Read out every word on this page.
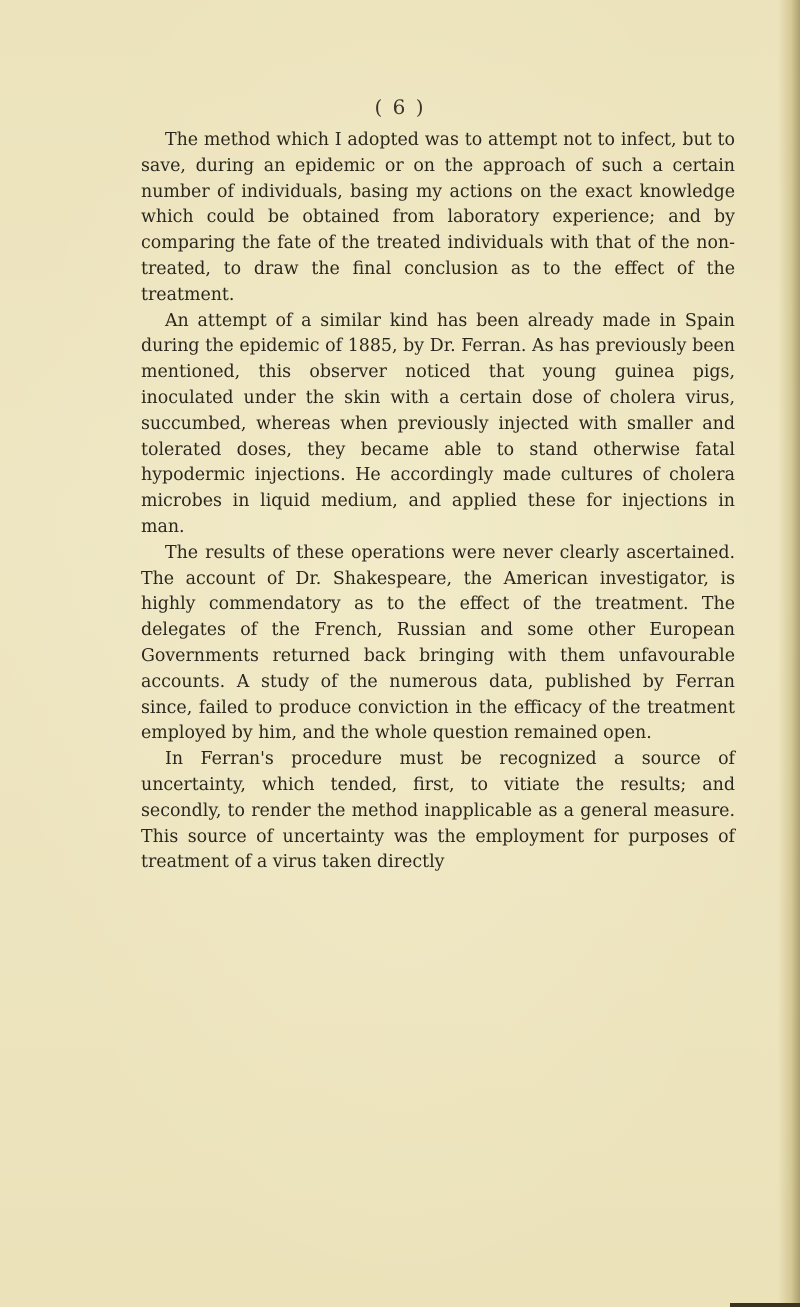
( 6 )

The method which I adopted was to attempt not to infect, but to save, during an epidemic or on the approach of such a certain number of individuals, basing my actions on the exact knowledge which could be obtained from laboratory experience; and by comparing the fate of the treated individuals with that of the non-treated, to draw the final conclusion as to the effect of the treatment.

An attempt of a similar kind has been already made in Spain during the epidemic of 1885, by Dr. Ferran. As has previously been mentioned, this observer noticed that young guinea pigs, inoculated under the skin with a certain dose of cholera virus, succumbed, whereas when previously injected with smaller and tolerated doses, they became able to stand otherwise fatal hypodermic injections. He accordingly made cultures of cholera microbes in liquid medium, and applied these for injections in man.

The results of these operations were never clearly ascertained. The account of Dr. Shakespeare, the American investigator, is highly commendatory as to the effect of the treatment. The delegates of the French, Russian and some other European Governments returned back bringing with them unfavourable accounts. A study of the numerous data, published by Ferran since, failed to produce conviction in the efficacy of the treatment employed by him, and the whole question remained open.

In Ferran's procedure must be recognized a source of uncertainty, which tended, first, to vitiate the results; and secondly, to render the method inapplicable as a general measure. This source of uncertainty was the employment for purposes of treatment of a virus taken directly
